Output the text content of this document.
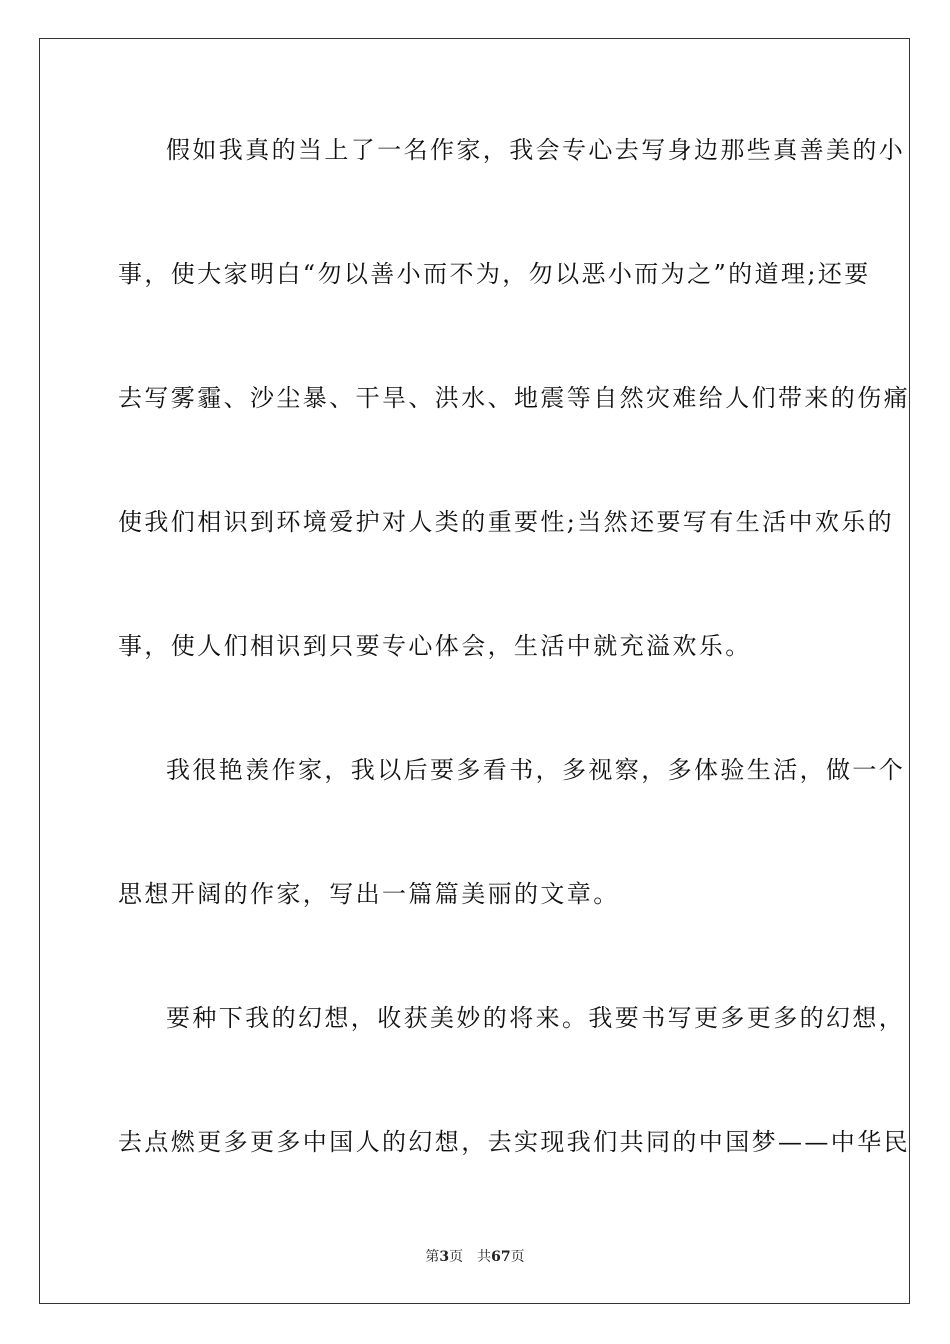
假如我真的当上了一名作家，我会专心去写身边那些真善美的小
事，使大家明白“勿以善小而不为，勿以恶小而为之”的道理;还要
去写雾霾、沙尘暴、干旱、洪水、地震等自然灾难给人们带来的伤痛
使我们相识到环境爱护对人类的重要性;当然还要写有生活中欢乐的
事，使人们相识到只要专心体会，生活中就充溢欢乐。
我很艳羡作家，我以后要多看书，多视察，多体验生活，做一个
思想开阔的作家，写出一篇篇美丽的文章。
要种下我的幻想，收获美妙的将来。我要书写更多更多的幻想，
去点燃更多更多中国人的幻想，去实现我们共同的中国梦——中华民
第3页 共67页
